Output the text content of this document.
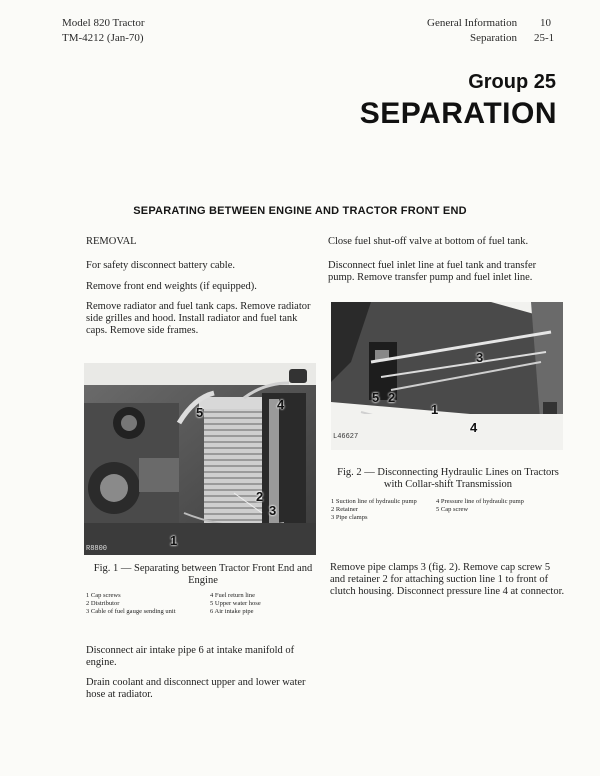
Model 820 Tractor
TM-4212 (Jan-70)
General Information 10
Separation 25-1
Group 25
SEPARATION
SEPARATING BETWEEN ENGINE AND TRACTOR FRONT END
REMOVAL
For safety disconnect battery cable.
Remove front end weights (if equipped).
Remove radiator and fuel tank caps. Remove radiator side grilles and hood. Install radiator and fuel tank caps. Remove side frames.
5
4
2
3
1
R8800
Fig. 1 — Separating between Tractor Front End and Engine
1 Cap screws
2 Distributor
3 Cable of fuel gauge sending unit
4 Fuel return line
5 Upper water hose
6 Air intake pipe
Disconnect air intake pipe 6 at intake manifold of engine.
Drain coolant and disconnect upper and lower water hose at radiator.
Close fuel shut-off valve at bottom of fuel tank.
Disconnect fuel inlet line at fuel tank and transfer pump. Remove transfer pump and fuel inlet line.
3
5 2
1
4
L46627
Fig. 2 — Disconnecting Hydraulic Lines on Tractors with Collar-shift Transmission
1 Suction line of hydraulic pump
2 Retainer
3 Pipe clamps
4 Pressure line of hydraulic pump
5 Cap screw
Remove pipe clamps 3 (fig. 2). Remove cap screw 5 and retainer 2 for attaching suction line 1 to front of clutch housing. Disconnect pressure line 4 at connector.
